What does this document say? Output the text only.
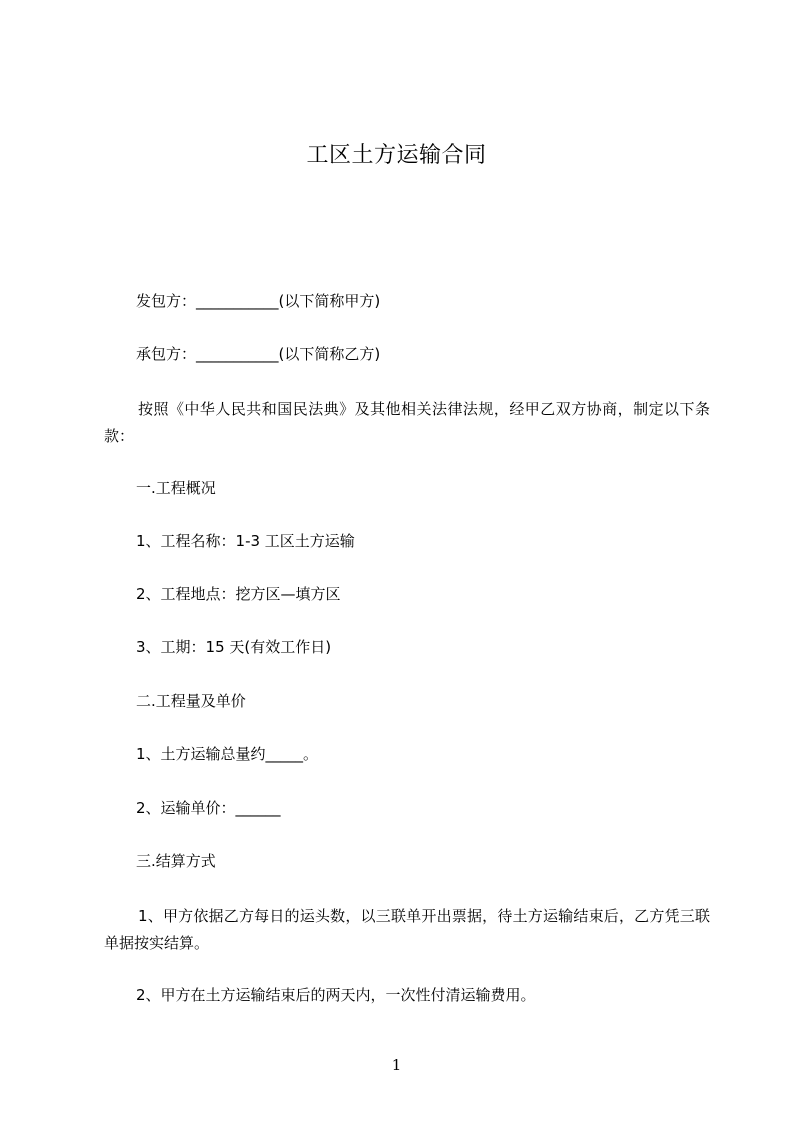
工区土方运输合同
发包方：___________(以下简称甲方)
承包方：___________(以下简称乙方)
按照《中华人民共和国民法典》及其他相关法律法规，经甲乙双方协商，制定以下条款：
一.工程概况
1、工程名称：1-3 工区土方运输
2、工程地点：挖方区—填方区
3、工期：15 天(有效工作日)
二.工程量及单价
1、土方运输总量约_____。
2、运输单价：______
三.结算方式
1、甲方依据乙方每日的运头数，以三联单开出票据，待土方运输结束后，乙方凭三联单据按实结算。
2、甲方在土方运输结束后的两天内，一次性付清运输费用。
1
